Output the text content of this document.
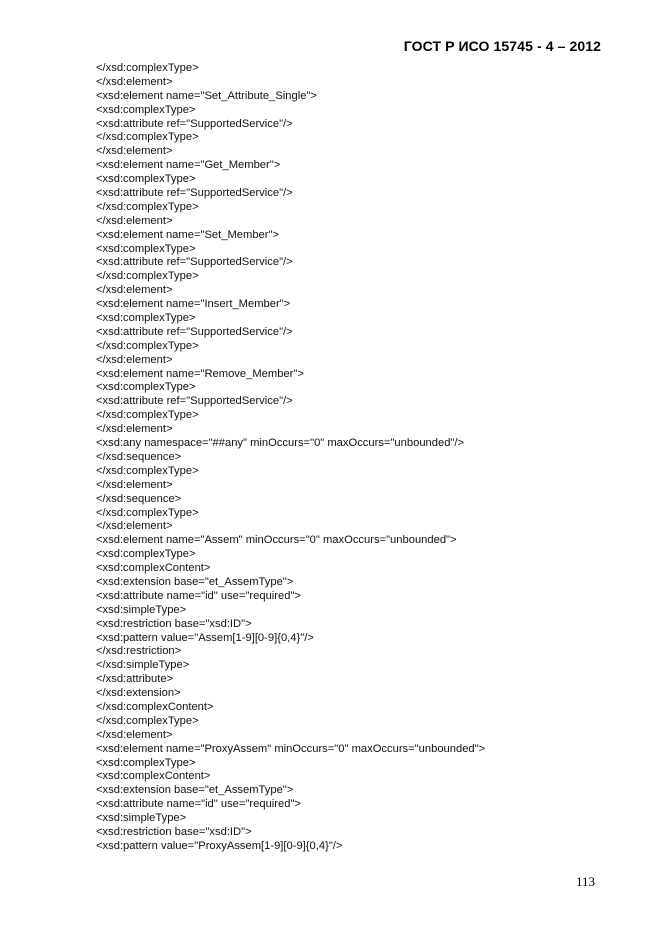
ГОСТ Р ИСО 15745 - 4 – 2012
</xsd:complexType>
</xsd:element>
<xsd:element name="Set_Attribute_Single">
<xsd:complexType>
<xsd:attribute ref="SupportedService"/>
</xsd:complexType>
</xsd:element>
<xsd:element name="Get_Member">
<xsd:complexType>
<xsd:attribute ref="SupportedService"/>
</xsd:complexType>
</xsd:element>
<xsd:element name="Set_Member">
<xsd:complexType>
<xsd:attribute ref="SupportedService"/>
</xsd:complexType>
</xsd:element>
<xsd:element name="Insert_Member">
<xsd:complexType>
<xsd:attribute ref="SupportedService"/>
</xsd:complexType>
</xsd:element>
<xsd:element name="Remove_Member">
<xsd:complexType>
<xsd:attribute ref="SupportedService"/>
</xsd:complexType>
</xsd:element>
<xsd:any namespace="##any" minOccurs="0" maxOccurs="unbounded"/>
</xsd:sequence>
</xsd:complexType>
</xsd:element>
</xsd:sequence>
</xsd:complexType>
</xsd:element>
<xsd:element name="Assem" minOccurs="0" maxOccurs="unbounded">
<xsd:complexType>
<xsd:complexContent>
<xsd:extension base="et_AssemType">
<xsd:attribute name="id" use="required">
<xsd:simpleType>
<xsd:restriction base="xsd:ID">
<xsd:pattern value="Assem[1-9][0-9]{0,4}"/>
</xsd:restriction>
</xsd:simpleType>
</xsd:attribute>
</xsd:extension>
</xsd:complexContent>
</xsd:complexType>
</xsd:element>
<xsd:element name="ProxyAssem" minOccurs="0" maxOccurs="unbounded">
<xsd:complexType>
<xsd:complexContent>
<xsd:extension base="et_AssemType">
<xsd:attribute name="id" use="required">
<xsd:simpleType>
<xsd:restriction base="xsd:ID">
<xsd:pattern value="ProxyAssem[1-9][0-9]{0,4}"/>
113
